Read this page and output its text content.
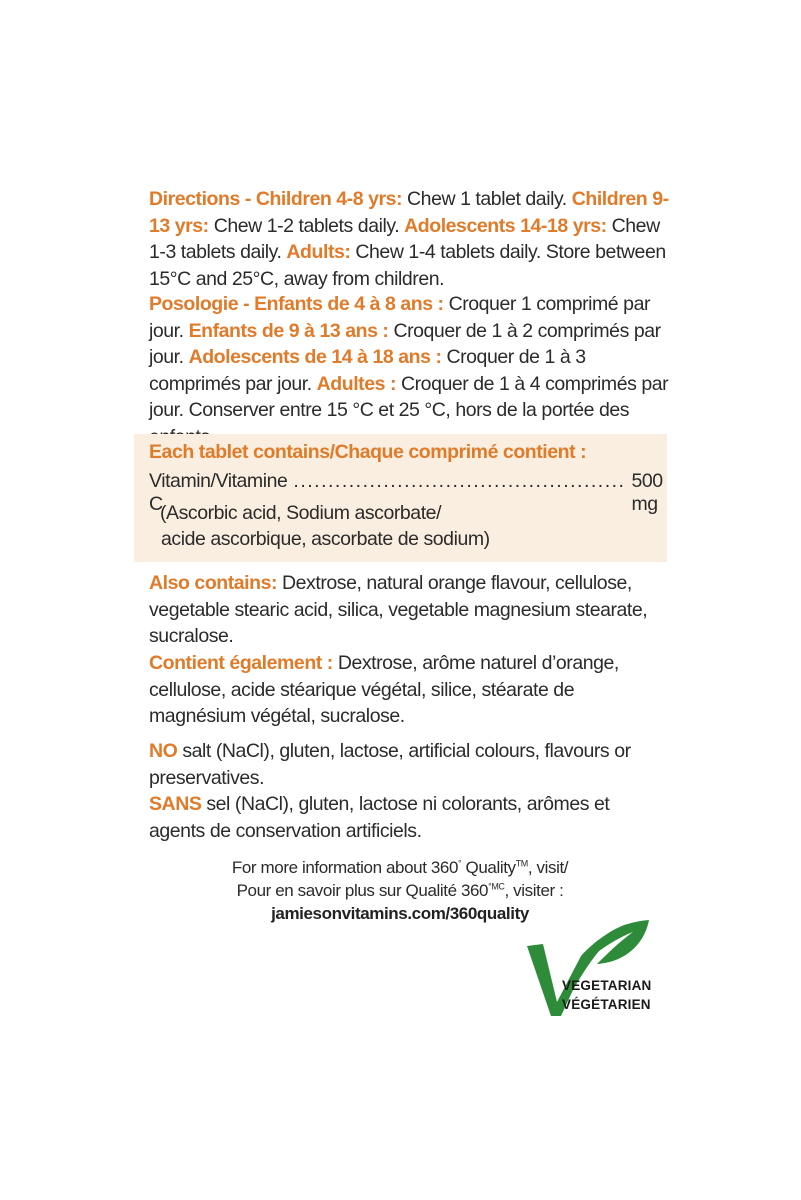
Directions - Children 4-8 yrs: Chew 1 tablet daily. Children 9-13 yrs: Chew 1-2 tablets daily. Adolescents 14-18 yrs: Chew 1-3 tablets daily. Adults: Chew 1-4 tablets daily. Store between 15°C and 25°C, away from children.

Posologie - Enfants de 4 à 8 ans : Croquer 1 comprimé par jour. Enfants de 9 à 13 ans : Croquer de 1 à 2 comprimés par jour. Adolescents de 14 à 18 ans : Croquer de 1 à 3 comprimés par jour. Adultes : Croquer de 1 à 4 comprimés par jour. Conserver entre 15 °C et 25 °C, hors de la portée des

Each tablet contains/Chaque comprimé contient :
Vitamin/Vitamine C
................................................ 500 mg
(Ascorbic acid, Sodium ascorbate/
acide ascorbique, ascorbate de sodium)

Also contains: Dextrose, natural orange flavour, cellulose, vegetable stearic acid, silica, vegetable magnesium stearate, sucralose.

Contient également : Dextrose, arôme naturel d’orange, cellulose, acide stéarique végétal, silice, stéarate de magnésium végétal, sucralose.

NO salt (NaCl), gluten, lactose, artificial colours, flavours or preservatives.

SANS sel (NaCl), gluten, lactose ni colorants, arômes et agents de conservation artificiels.

For more information about 360° Quality™, visit/
Pour en savoir plus sur Qualité $360^{^\circ MC}$, visiter :
jamiesonvitamins.com/360quality
VEGETARIAN
VÉGÉTARIEN
